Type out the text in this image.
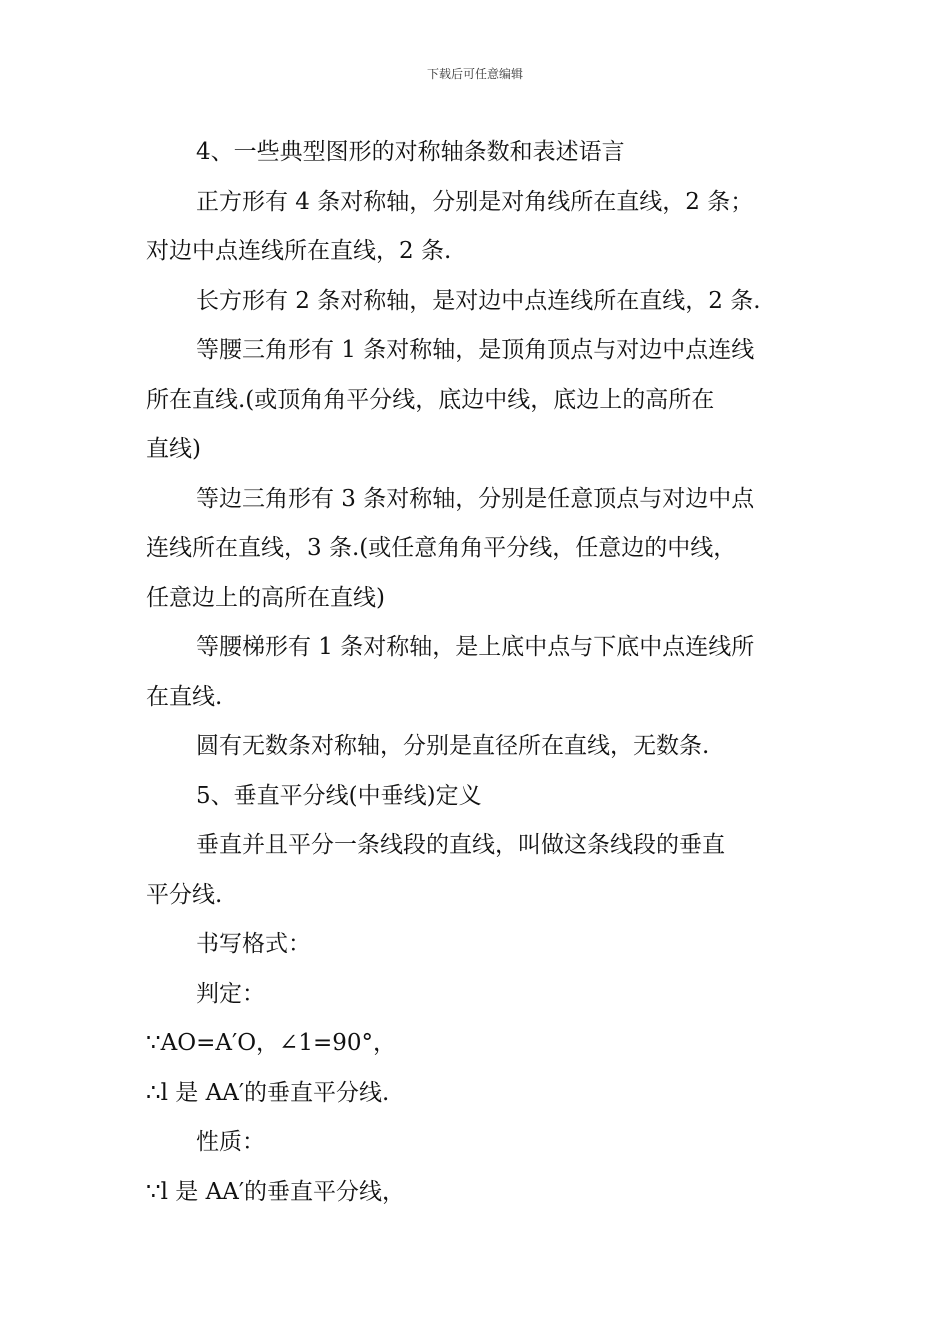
下载后可任意编辑
4、一些典型图形的对称轴条数和表述语言
正方形有 4 条对称轴，分别是对角线所在直线，2 条；
对边中点连线所在直线，2 条.
长方形有 2 条对称轴，是对边中点连线所在直线，2 条.
等腰三角形有 1 条对称轴，是顶角顶点与对边中点连线
所在直线.(或顶角角平分线，底边中线，底边上的高所在
直线)
等边三角形有 3 条对称轴，分别是任意顶点与对边中点
连线所在直线，3 条.(或任意角角平分线，任意边的中线，
任意边上的高所在直线)
等腰梯形有 1 条对称轴，是上底中点与下底中点连线所
在直线.
圆有无数条对称轴，分别是直径所在直线，无数条.
5、垂直平分线(中垂线)定义
垂直并且平分一条线段的直线，叫做这条线段的垂直
平分线.
书写格式：
判定：
∵AO=A′O，∠1=90°，
∴l 是 AA′的垂直平分线.
性质：
∵l 是 AA′的垂直平分线，
